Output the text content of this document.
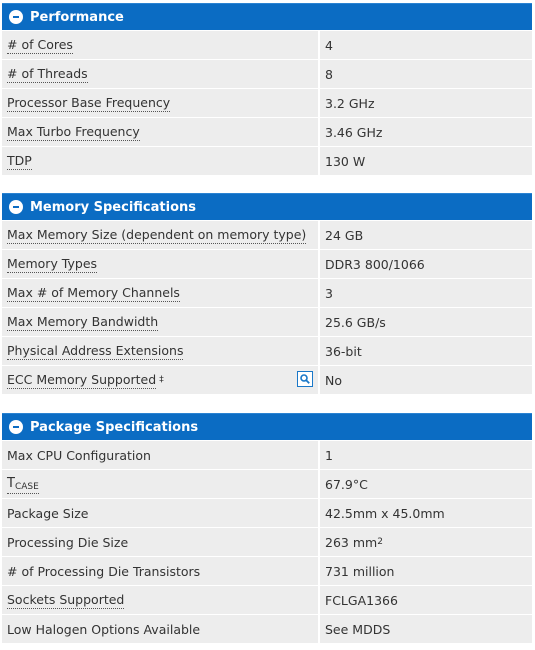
Performance
# of Cores	4
# of Threads	8
Processor Base Frequency	3.2 GHz
Max Turbo Frequency	3.46 GHz
TDP	130 W
Memory Specifications
Max Memory Size (dependent on memory type)	24 GB
Memory Types	DDR3 800/1066
Max # of Memory Channels	3
Max Memory Bandwidth	25.6 GB/s
Physical Address Extensions	36-bit
ECC Memory Supported ‡	No
Package Specifications
Max CPU Configuration	1
TCASE	67.9°C
Package Size	42.5mm x 45.0mm
Processing Die Size	263 mm 2
# of Processing Die Transistors	731 million
Sockets Supported	FCLGA1366
Low Halogen Options Available	See MDDS
